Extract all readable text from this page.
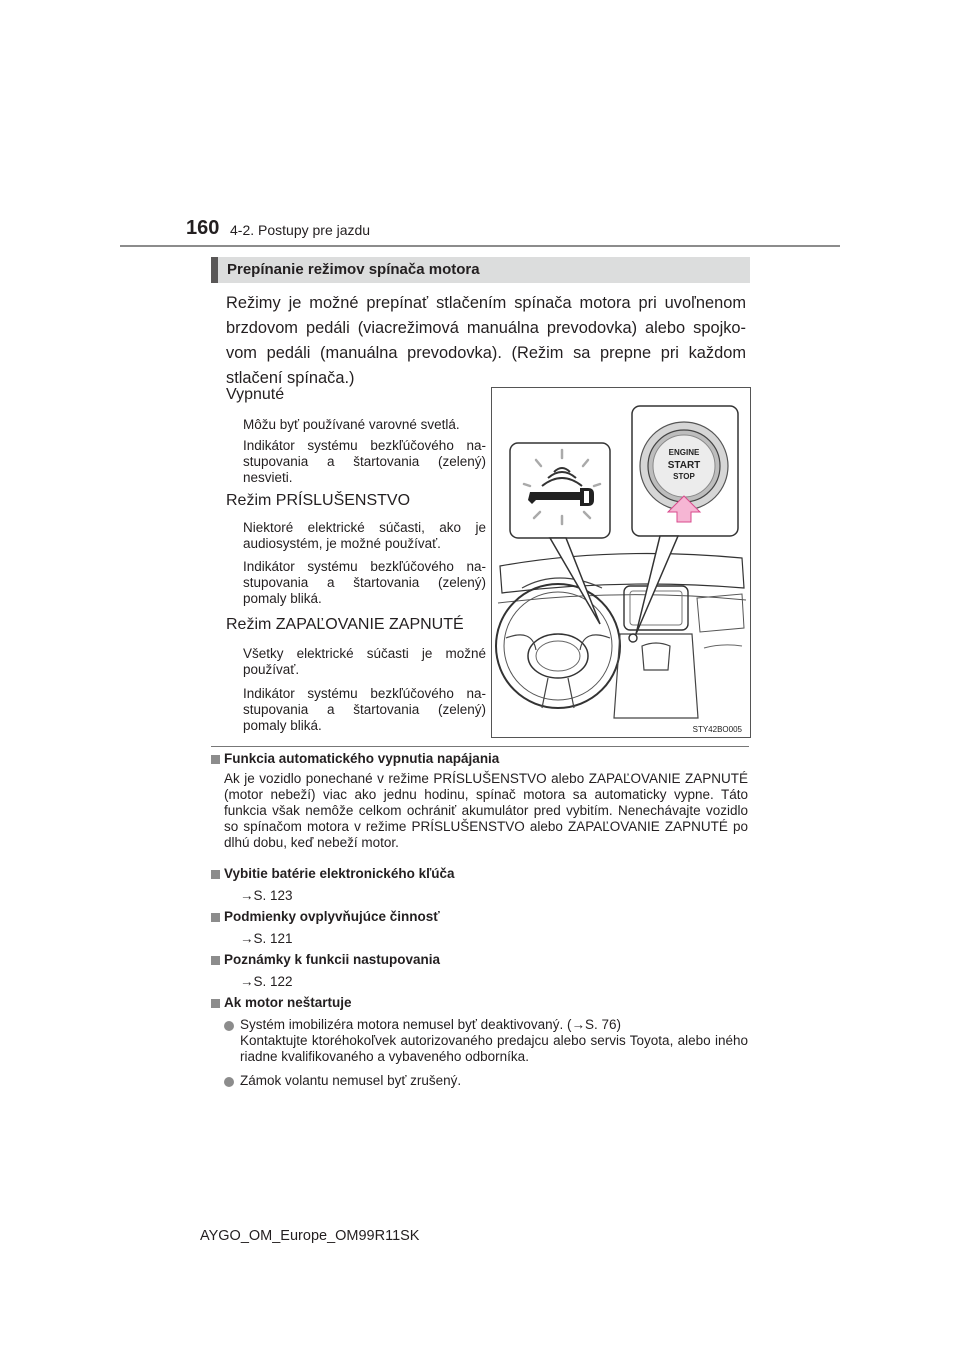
160 4-2. Postupy pre jazdu
Prepínanie režimov spínača motora
Režimy je možné prepínať stlačením spínača motora pri uvoľnenom brzdovom pedáli (viacrežimová manuálna prevodovka) alebo spojkovom pedáli (manuálna prevodovka). (Režim sa prepne pri každom stlačení spínača.)
Vypnuté
Môžu byť používané varovné svetlá.
Indikátor systému bezkľúčového nastupovania a štartovania (zelený) nesvieti.
Režim PRÍSLUŠENSTVO
Niektoré elektrické súčasti, ako je audiosystém, je možné používať.
Indikátor systému bezkľúčového nastupovania a štartovania (zelený) pomaly bliká.
Režim ZAPAĽOVANIE ZAPNUTÉ
Všetky elektrické súčasti je možné používať.
Indikátor systému bezkľúčového nastupovania a štartovania (zelený) pomaly bliká.
ENGINE
START
STOP
STY42BO005
Funkcia automatického vypnutia napájania
Ak je vozidlo ponechané v režime PRÍSLUŠENSTVO alebo ZAPAĽOVANIE ZAPNUTÉ (motor nebeží) viac ako jednu hodinu, spínač motora sa automaticky vypne. Táto funkcia však nemôže celkom ochrániť akumulátor pred vybitím. Nenechávajte vozidlo so spínačom motora v režime PRÍSLUŠENSTVO alebo ZAPAĽOVANIE ZAPNUTÉ po dlhú dobu, keď nebeží motor.
Vybitie batérie elektronického kľúča
→S. 123
Podmienky ovplyvňujúce činnosť
→S. 121
Poznámky k funkcii nastupovania
→S. 122
Ak motor neštartuje
Systém imobilizéra motora nemusel byť deaktivovaný. (→S. 76)
Kontaktujte ktoréhokoľvek autorizovaného predajcu alebo servis Toyota, alebo iného riadne kvalifikovaného a vybaveného odborníka.
Zámok volantu nemusel byť zrušený.
AYGO_OM_Europe_OM99R11SK
